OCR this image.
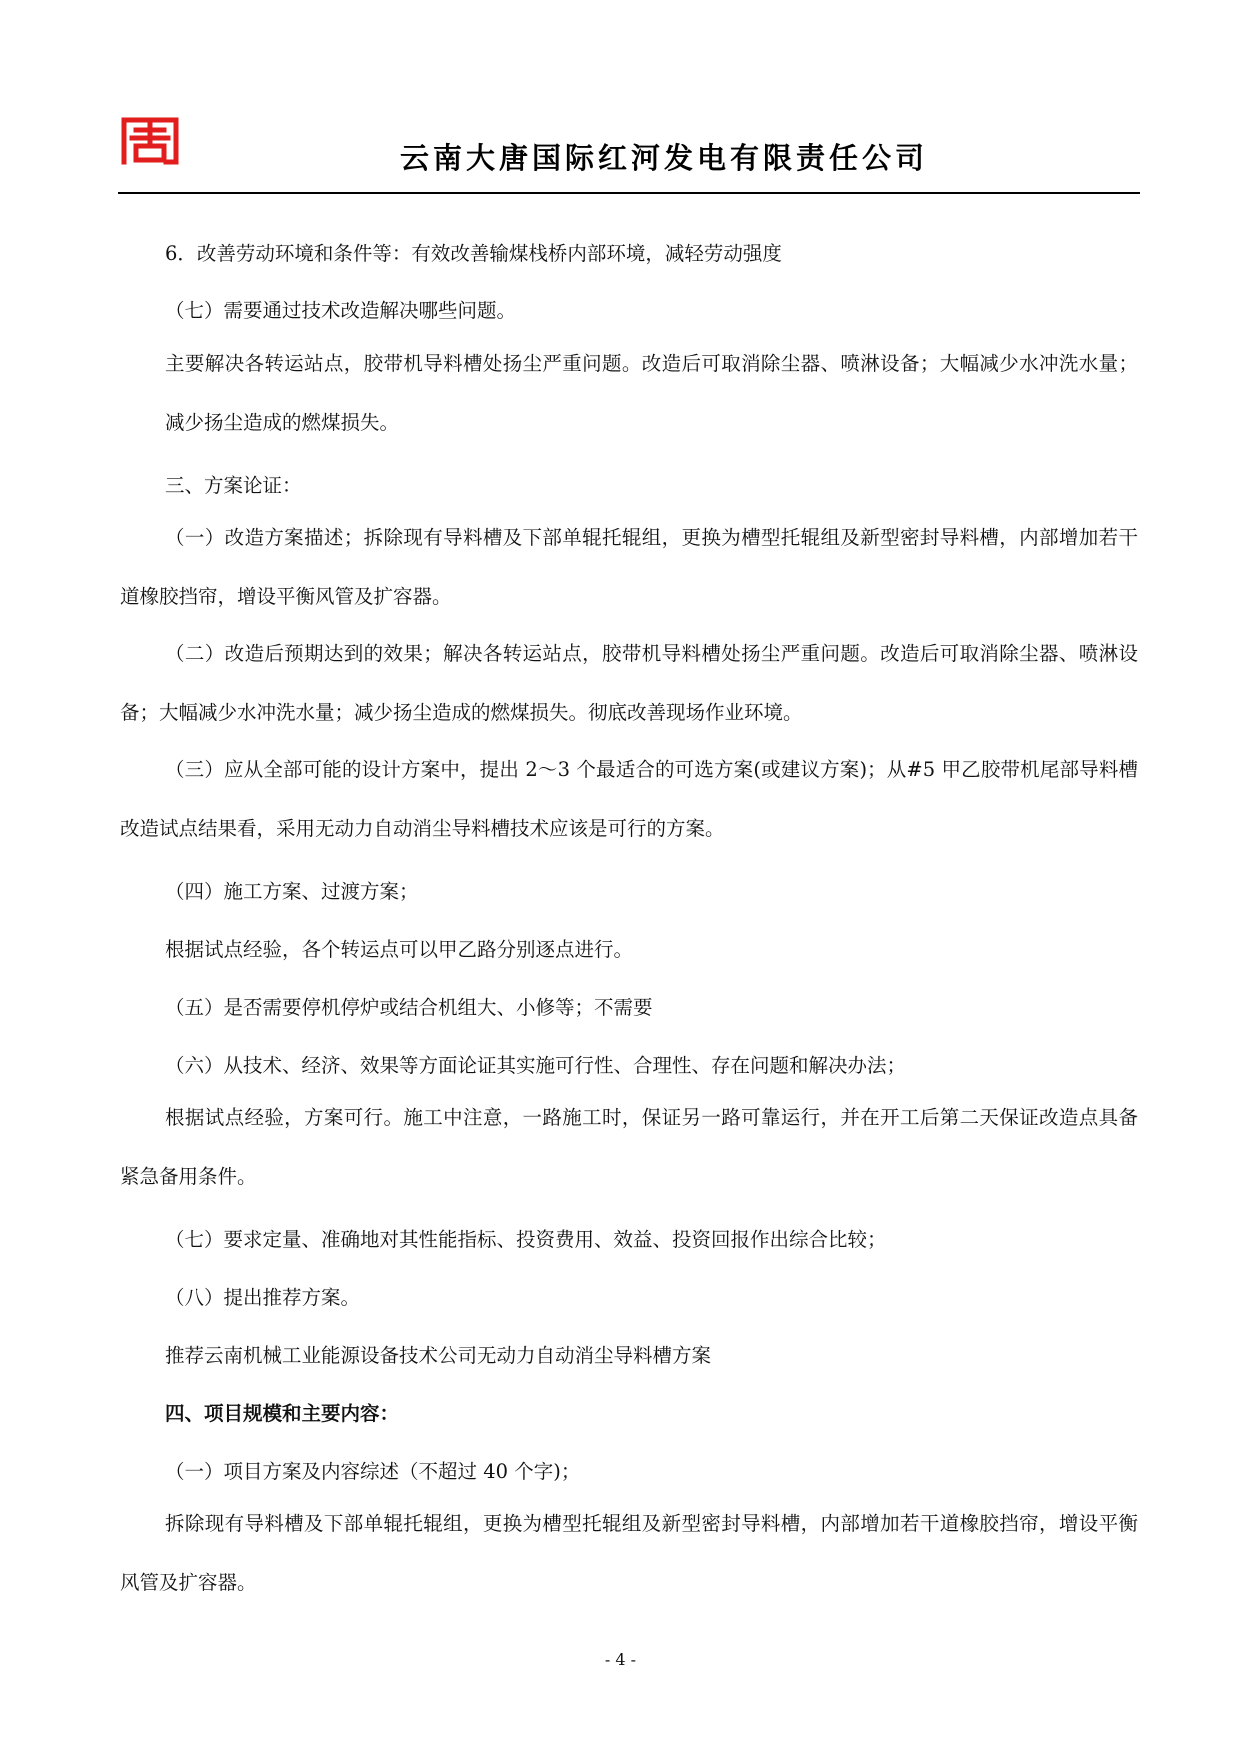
云南大唐国际红河发电有限责任公司

6．改善劳动环境和条件等：有效改善输煤栈桥内部环境，减轻劳动强度

（七）需要通过技术改造解决哪些问题。

主要解决各转运站点，胶带机导料槽处扬尘严重问题。改造后可取消除尘器、喷淋设备；大幅减少水冲洗水量；减少扬尘造成的燃煤损失。

三、方案论证：

（一）改造方案描述；拆除现有导料槽及下部单辊托辊组，更换为槽型托辊组及新型密封导料槽，内部增加若干道橡胶挡帘，增设平衡风管及扩容器。

（二）改造后预期达到的效果；解决各转运站点，胶带机导料槽处扬尘严重问题。改造后可取消除尘器、喷淋设备；大幅减少水冲洗水量；减少扬尘造成的燃煤损失。彻底改善现场作业环境。

（三）应从全部可能的设计方案中，提出 2～3 个最适合的可选方案(或建议方案)；从#5 甲乙胶带机尾部导料槽改造试点结果看，采用无动力自动消尘导料槽技术应该是可行的方案。

（四）施工方案、过渡方案；

根据试点经验，各个转运点可以甲乙路分别逐点进行。

（五）是否需要停机停炉或结合机组大、小修等；不需要

（六）从技术、经济、效果等方面论证其实施可行性、合理性、存在问题和解决办法；

根据试点经验，方案可行。施工中注意，一路施工时，保证另一路可靠运行，并在开工后第二天保证改造点具备紧急备用条件。

（七）要求定量、准确地对其性能指标、投资费用、效益、投资回报作出综合比较；

（八）提出推荐方案。

推荐云南机械工业能源设备技术公司无动力自动消尘导料槽方案

四、项目规模和主要内容：

（一）项目方案及内容综述（不超过 40 个字)；

拆除现有导料槽及下部单辊托辊组，更换为槽型托辊组及新型密封导料槽，内部增加若干道橡胶挡帘，增设平衡风管及扩容器。

- 4 -
